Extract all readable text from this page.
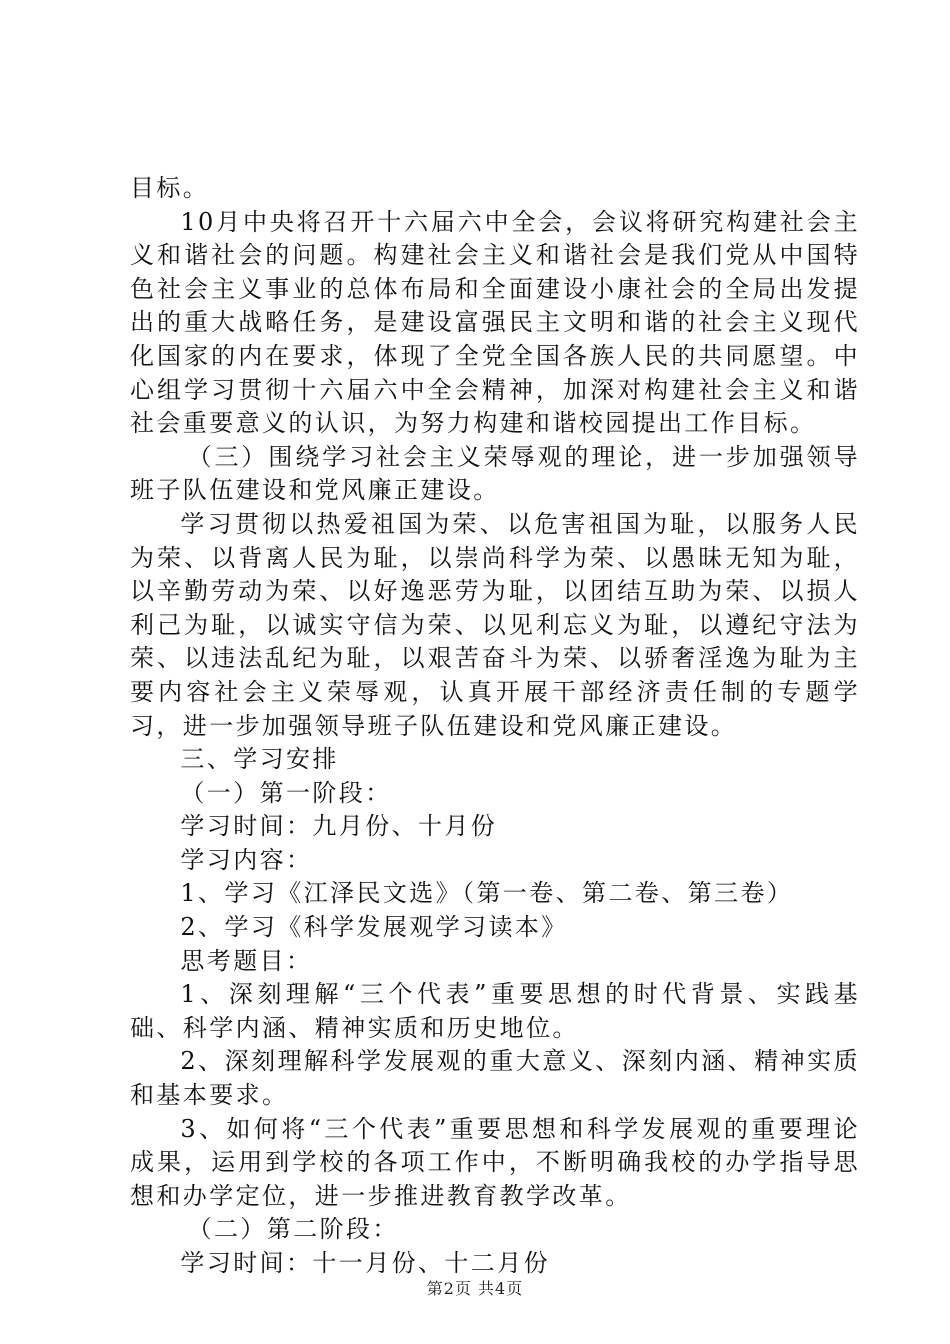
目标。

10月中央将召开十六届六中全会，会议将研究构建社会主义和谐社会的问题。构建社会主义和谐社会是我们党从中国特色社会主义事业的总体布局和全面建设小康社会的全局出发提出的重大战略任务，是建设富强民主文明和谐的社会主义现代化国家的内在要求，体现了全党全国各族人民的共同愿望。中心组学习贯彻十六届六中全会精神，加深对构建社会主义和谐社会重要意义的认识，为努力构建和谐校园提出工作目标。

（三）围绕学习社会主义荣辱观的理论，进一步加强领导班子队伍建设和党风廉正建设。

学习贯彻以热爱祖国为荣、以危害祖国为耻，以服务人民为荣、以背离人民为耻，以崇尚科学为荣、以愚昧无知为耻，以辛勤劳动为荣、以好逸恶劳为耻，以团结互助为荣、以损人利己为耻，以诚实守信为荣、以见利忘义为耻，以遵纪守法为荣、以违法乱纪为耻，以艰苦奋斗为荣、以骄奢淫逸为耻为主要内容社会主义荣辱观，认真开展干部经济责任制的专题学习，进一步加强领导班子队伍建设和党风廉正建设。

三、学习安排

（一）第一阶段：

学习时间：九月份、十月份

学习内容：

1、学习《江泽民文选》（第一卷、第二卷、第三卷）

2、学习《科学发展观学习读本》

思考题目：

1、深刻理解“三个代表”重要思想的时代背景、实践基础、科学内涵、精神实质和历史地位。

2、深刻理解科学发展观的重大意义、深刻内涵、精神实质和基本要求。

3、如何将“三个代表”重要思想和科学发展观的重要理论成果，运用到学校的各项工作中，不断明确我校的办学指导思想和办学定位，进一步推进教育教学改革。

（二）第二阶段：

学习时间：十一月份、十二月份

第2页 共4页
